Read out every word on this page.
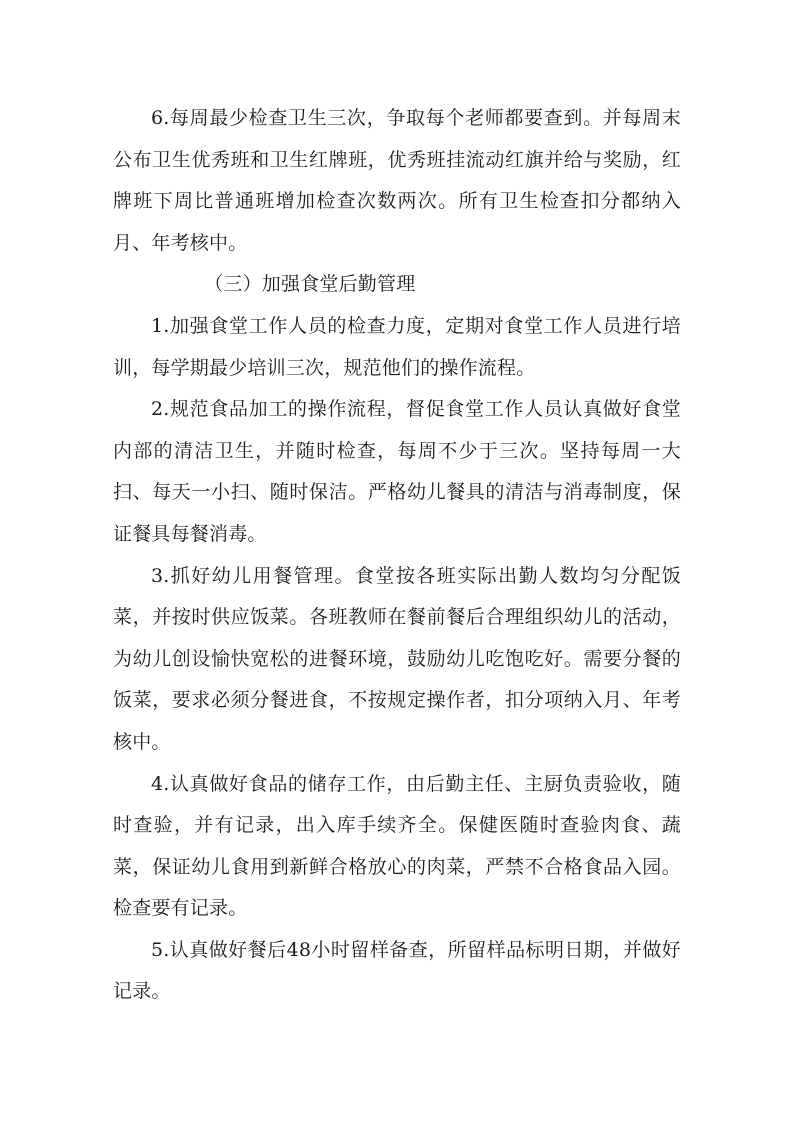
6.每周最少检查卫生三次，争取每个老师都要查到。并每周末公布卫生优秀班和卫生红牌班，优秀班挂流动红旗并给与奖励，红牌班下周比普通班增加检查次数两次。所有卫生检查扣分都纳入月、年考核中。

（三）加强食堂后勤管理

1.加强食堂工作人员的检查力度，定期对食堂工作人员进行培训，每学期最少培训三次，规范他们的操作流程。

2.规范食品加工的操作流程，督促食堂工作人员认真做好食堂内部的清洁卫生，并随时检查，每周不少于三次。坚持每周一大扫、每天一小扫、随时保洁。严格幼儿餐具的清洁与消毒制度，保证餐具每餐消毒。

3.抓好幼儿用餐管理。食堂按各班实际出勤人数均匀分配饭菜，并按时供应饭菜。各班教师在餐前餐后合理组织幼儿的活动，为幼儿创设愉快宽松的进餐环境，鼓励幼儿吃饱吃好。需要分餐的饭菜，要求必须分餐进食，不按规定操作者，扣分项纳入月、年考核中。

4.认真做好食品的储存工作，由后勤主任、主厨负责验收，随时查验，并有记录，出入库手续齐全。保健医随时查验肉食、蔬菜，保证幼儿食用到新鲜合格放心的肉菜，严禁不合格食品入园。检查要有记录。

5.认真做好餐后48小时留样备查，所留样品标明日期，并做好记录。
